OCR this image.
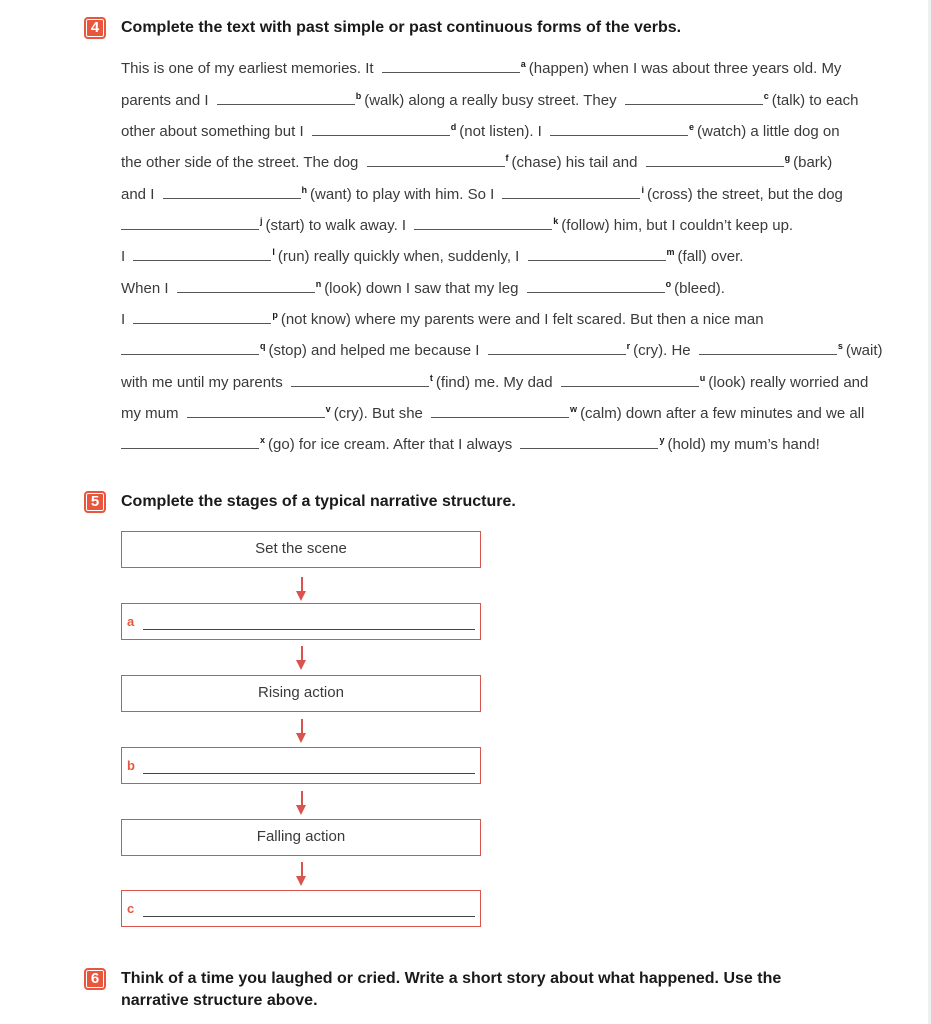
4	Complete the text with past simple or past continuous forms of the verbs.
This is one of my earliest memories. It	$^a$ (happen) when I was about three years old. My
parents and I	$^b$ (walk) along a really busy street. They	$^c$ (talk) to each
other about something but I	$^d$ (not listen). I	$^e$ (watch) a little dog on
the other side of the street. The dog	$^f$ (chase) his tail and	$^g$ (bark)
and I	$^h$ (want) to play with him. So I	$^i$ (cross) the street, but the dog
$^j$ (start) to walk away. I	$^k$ (follow) him, but I couldn’t keep up.
I	$^l$ (run) really quickly when, suddenly, I	$^m$ (fall) over.
When I	$^n$ (look) down I saw that my leg	$^o$ (bleed).
I	$^p$ (not know) where my parents were and I felt scared. But then a nice man
$^q$ (stop) and helped me because I	$^r$ (cry). He	$^s$ (wait)
with me until my parents	$^t$ (find) me. My dad	$^u$ (look) really worried and
my mum	$^v$ (cry). But she	$^w$ (calm) down after a few minutes and we all
$^x$ (go) for ice cream. After that I always	$^y$ (hold) my mum’s hand!
5	Complete the stages of a typical narrative structure.
Set the scene
a
Rising action
b
Falling action
c
6	Think of a time you laughed or cried. Write a short story about what happened. Use the narrative structure above.
